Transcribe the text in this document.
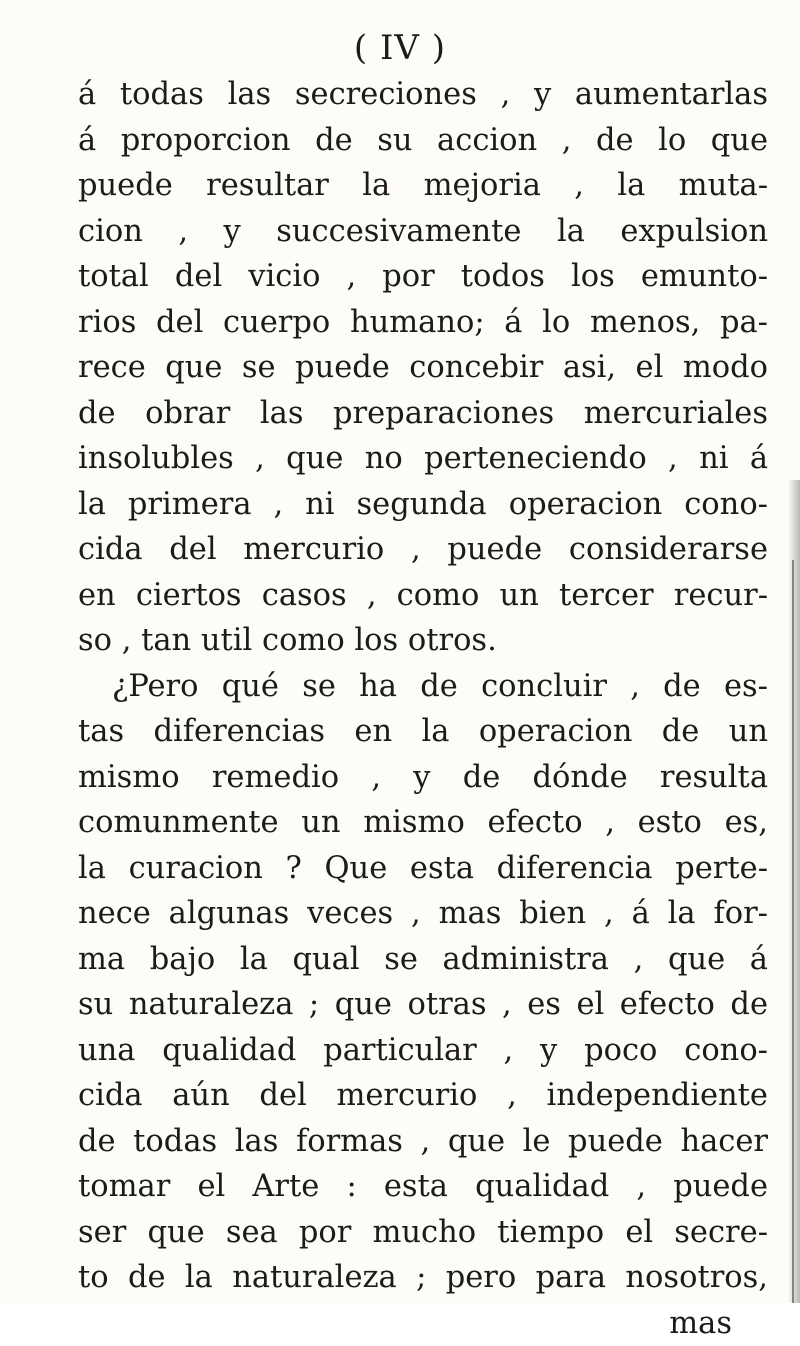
( IV )
á todas las secreciones , y aumentarlas
á proporcion de su accion , de lo que
puede resultar la mejoria , la muta-
cion , y succesivamente la expulsion
total del vicio , por todos los emunto-
rios del cuerpo humano; á lo menos, pa-
rece que se puede concebir asi, el modo
de obrar las preparaciones mercuriales
insolubles , que no perteneciendo , ni á
la primera , ni segunda operacion cono-
cida del mercurio , puede considerarse
en ciertos casos , como un tercer recur-
so , tan util como los otros.
¿Pero qué se ha de concluir , de es-
tas diferencias en la operacion de un
mismo remedio , y de dónde resulta
comunmente un mismo efecto , esto es,
la curacion ? Que esta diferencia perte-
nece algunas veces , mas bien , á la for-
ma bajo la qual se administra , que á
su naturaleza ; que otras , es el efecto de
una qualidad particular , y poco cono-
cida aún del mercurio , independiente
de todas las formas , que le puede hacer
tomar el Arte : esta qualidad , puede
ser que sea por mucho tiempo el secre-
to de la naturaleza ; pero para nosotros,
mas
